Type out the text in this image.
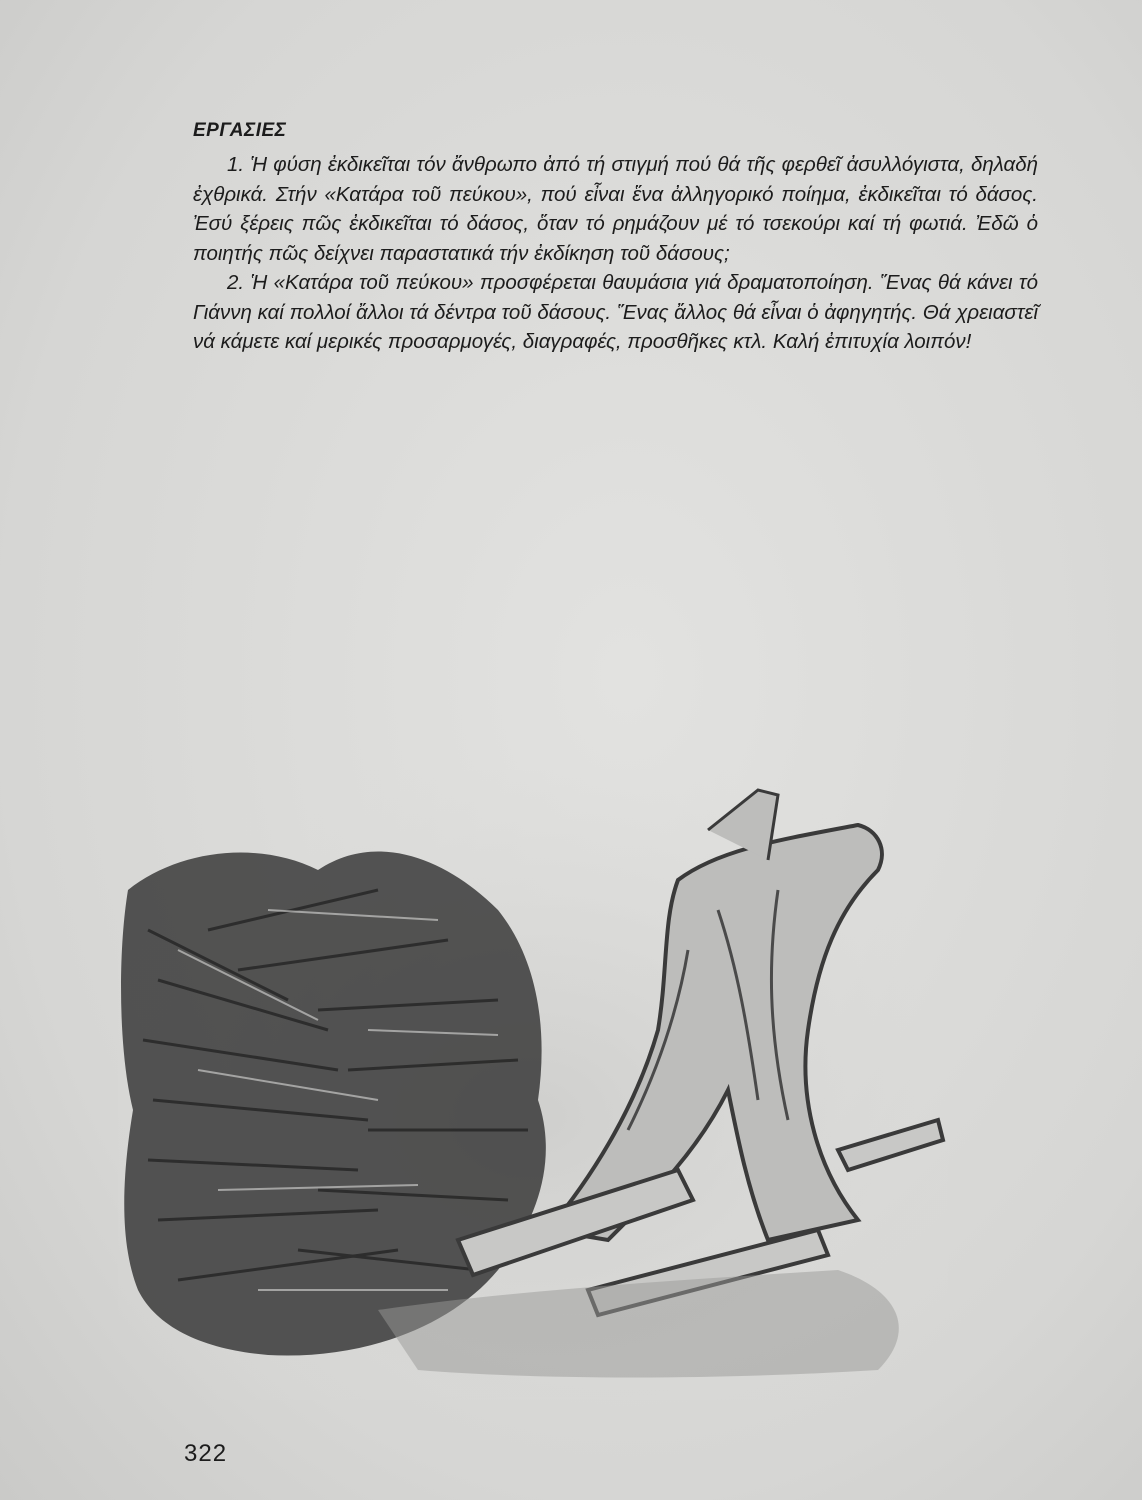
ΕΡΓΑΣΙΕΣ

1. Ἡ φύση ἐκδικεῖται τόν ἄνθρωπο ἀπό τή στιγμή πού θά τῆς φερθεῖ ἀσυλλόγιστα, δηλαδή ἐχθρικά. Στήν «Κατάρα τοῦ πεύκου», πού εἶναι ἕνα ἀλληγορικό ποίημα, ἐκδικεῖται τό δάσος. Ἐσύ ξέρεις πῶς ἐκδικεῖται τό δάσος, ὅταν τό ρημάζουν μέ τό τσεκούρι καί τή φωτιά. Ἐδῶ ὁ ποιητής πῶς δείχνει παραστατικά τήν ἐκδίκηση τοῦ δάσους;

2. Ἡ «Κατάρα τοῦ πεύκου» προσφέρεται θαυμάσια γιά δραματοποίηση. Ἕνας θά κάνει τό Γιάννη καί πολλοί ἄλλοι τά δέντρα τοῦ δάσους. Ἕνας ἄλλος θά εἶναι ὁ ἀφηγητής. Θά χρειαστεῖ νά κάμετε καί μερικές προσαρμογές, διαγραφές, προσθῆκες κτλ. Καλή ἐπιτυχία λοιπόν!

322
